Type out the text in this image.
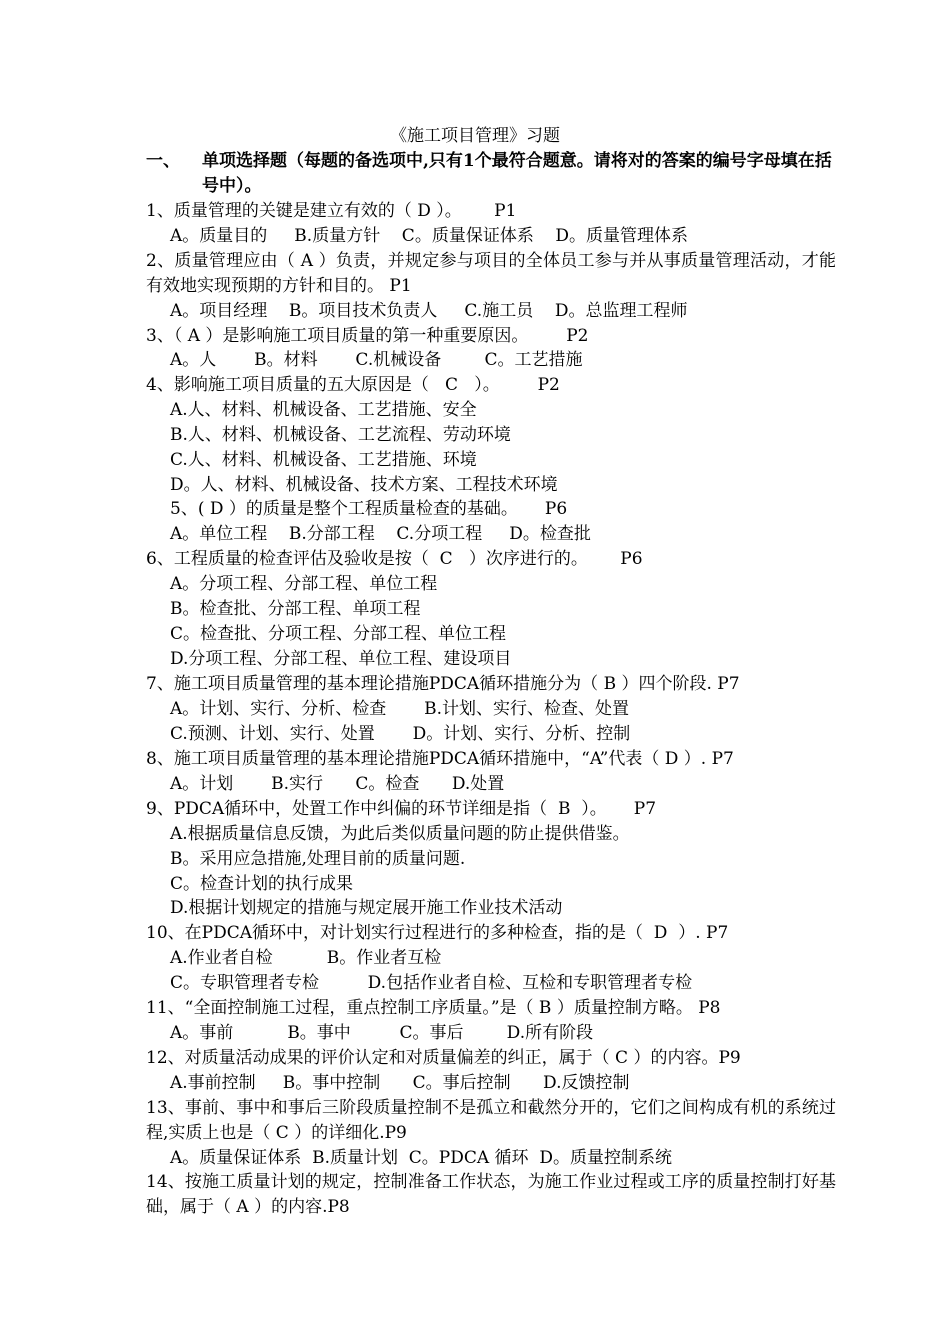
《施工项目管理》习题
一、 单项选择题（每题的备选项中,只有1个最符合题意。请将对的答案的编号字母填在括号中）。
1、质量管理的关键是建立有效的（ D ）。      P1
A。质量目的     B.质量方针    C。质量保证体系    D。质量管理体系
2、质量管理应由（ A ）负责，并规定参与项目的全体员工参与并从事质量管理活动，才能有效地实现预期的方针和目的。 P1
A。项目经理    B。项目技术负责人     C.施工员    D。总监理工程师
3、（ A ）是影响施工项目质量的第一种重要原因。       P2
A。人       B。材料       C.机械设备        C。工艺措施
4、影响施工项目质量的五大原因是（   C   ）。       P2
A.人、材料、机械设备、工艺措施、安全
B.人、材料、机械设备、工艺流程、劳动环境
C.人、材料、机械设备、工艺措施、环境
D。人、材料、机械设备、技术方案、工程技术环境
5、( D ）的质量是整个工程质量检查的基础。     P6
A。单位工程    B.分部工程    C.分项工程     D。检查批
6、工程质量的检查评估及验收是按（  C   ）次序进行的。      P6
A。分项工程、分部工程、单位工程
B。检查批、分部工程、单项工程
C。检查批、分项工程、分部工程、单位工程
D.分项工程、分部工程、单位工程、建设项目
7、施工项目质量管理的基本理论措施PDCA循环措施分为（ B ）四个阶段. P7
A。计划、实行、分析、检查       B.计划、实行、检查、处置
C.预测、计划、实行、处置       D。计划、实行、分析、控制
8、施工项目质量管理的基本理论措施PDCA循环措施中，“A”代表（ D ）. P7
A。计划       B.实行      C。检查      D.处置
9、PDCA循环中，处置工作中纠偏的环节详细是指（  B  ）。     P7
A.根据质量信息反馈，为此后类似质量问题的防止提供借鉴。
B。采用应急措施,处理目前的质量问题.
C。检查计划的执行成果
D.根据计划规定的措施与规定展开施工作业技术活动
10、在PDCA循环中，对计划实行过程进行的多种检查，指的是（  D  ）. P7
A.作业者自检          B。作业者互检
C。专职管理者专检         D.包括作业者自检、互检和专职管理者专检
11、“全面控制施工过程，重点控制工序质量。”是（ B ）质量控制方略。 P8
A。事前          B。事中         C。事后        D.所有阶段
12、对质量活动成果的评价认定和对质量偏差的纠正，属于（ C ）的内容。P9
A.事前控制     B。事中控制      C。事后控制      D.反馈控制
13、事前、事中和事后三阶段质量控制不是孤立和截然分开的，它们之间构成有机的系统过程,实质上也是（ C ）的详细化.P9
A。质量保证体系  B.质量计划  C。PDCA 循环  D。质量控制系统
14、按施工质量计划的规定，控制准备工作状态，为施工作业过程或工序的质量控制打好基础，属于（ A ）的内容.P8
